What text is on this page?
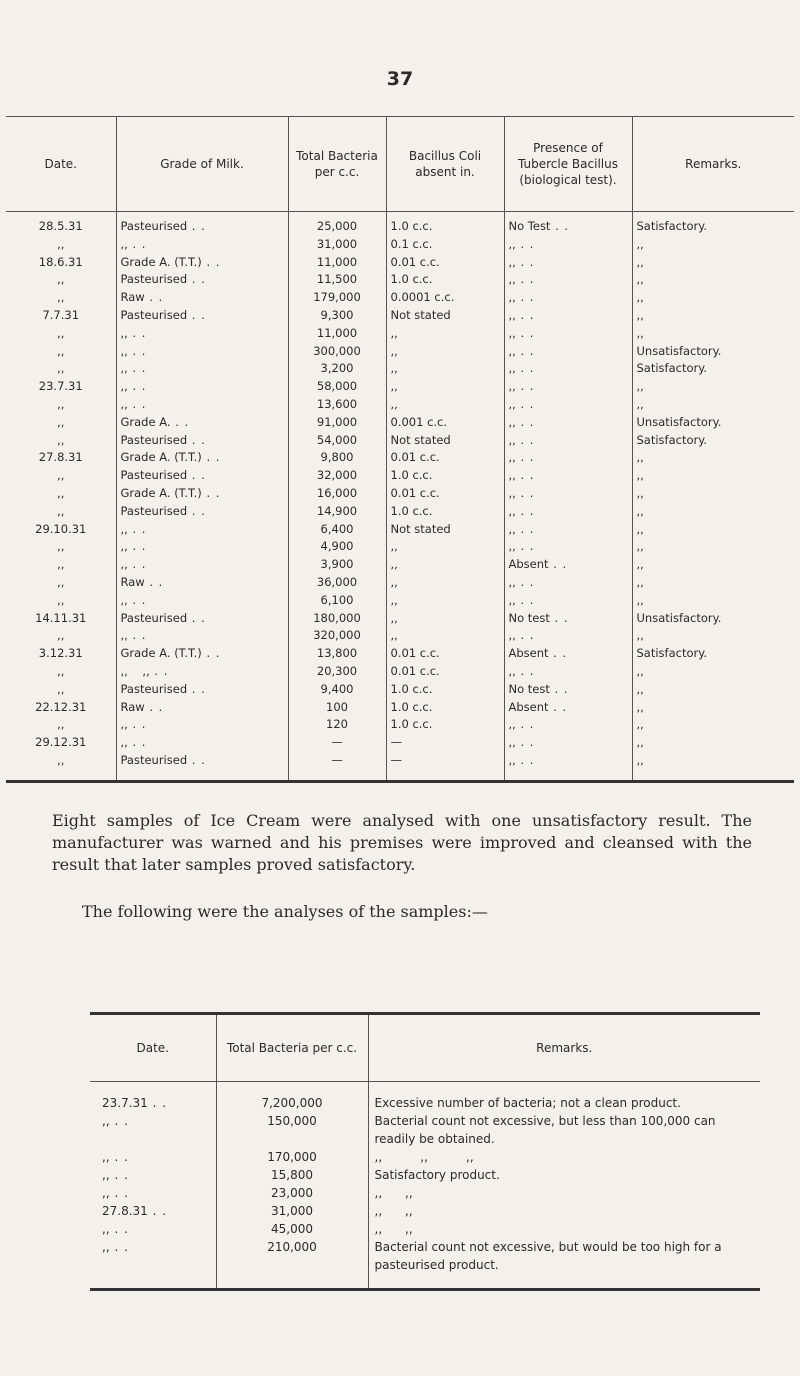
37
Date.	Grade of Milk.	Total Bacteria per c.c.	Bacillus Coli absent in.	Presence of Tubercle Bacillus (biological test).	Remarks.
28.5.31	Pasteurised . .	25,000	1.0 c.c.	No Test . .	Satisfactory.
,,	,, . .	31,000	0.1 c.c.	,, . .	,,
18.6.31	Grade A. (T.T.) . .	11,000	0.01 c.c.	,, . .	,,
,,	Pasteurised . .	11,500	1.0 c.c.	,, . .	,,
,,	Raw . .	179,000	0.0001 c.c.	,, . .	,,
7.7.31	Pasteurised . .	9,300	Not stated	,, . .	,,
,,	,, . .	11,000	,,	,, . .	,,
,,	,, . .	300,000	,,	,, . .	Unsatisfactory.
,,	,, . .	3,200	,,	,, . .	Satisfactory.
23.7.31	,, . .	58,000	,,	,, . .	,,
,,	,, . .	13,600	,,	,, . .	,,
,,	Grade A. . .	91,000	0.001 c.c.	,, . .	Unsatisfactory.
,,	Pasteurised . .	54,000	Not stated	,, . .	Satisfactory.
27.8.31	Grade A. (T.T.) . .	9,800	0.01 c.c.	,, . .	,,
,,	Pasteurised . .	32,000	1.0 c.c.	,, . .	,,
,,	Grade A. (T.T.) . .	16,000	0.01 c.c.	,, . .	,,
,,	Pasteurised . .	14,900	1.0 c.c.	,, . .	,,
29.10.31	,, . .	6,400	Not stated	,, . .	,,
,,	,, . .	4,900	,,	,, . .	,,
,,	,, . .	3,900	,,	Absent . .	,,
,,	Raw . .	36,000	,,	,, . .	,,
,,	,, . .	6,100	,,	,, . .	,,
14.11.31	Pasteurised . .	180,000	,,	No test . .	Unsatisfactory.
,,	,, . .	320,000	,,	,, . .	,,
3.12.31	Grade A. (T.T.) . .	13,800	0.01 c.c.	Absent . .	Satisfactory.
,,	,,    ,, . .	20,300	0.01 c.c.	,, . .	,,
,,	Pasteurised . .	9,400	1.0 c.c.	No test . .	,,
22.12.31	Raw . .	100	1.0 c.c.	Absent . .	,,
,,	,, . .	120	1.0 c.c.	,, . .	,,
29.12.31	,, . .	—	—	,, . .	,,
,,	Pasteurised . .	—	—	,, . .	,,

Eight samples of Ice Cream were analysed with one unsatisfactory result. The manufacturer was warned and his premises were improved and cleansed with the result that later samples proved satisfactory.

The following were the analyses of the samples:—

Date.	Total Bacteria per c.c.	Remarks.
23.7.31 . .	7,200,000	Excessive number of bacteria; not a clean product.
,, . .	150,000	Bacterial count not excessive, but less than 100,000 can readily be obtained.
,, . .	170,000	,,          ,,          ,,
,, . .	15,800	Satisfactory product.
,, . .	23,000	,,      ,,
27.8.31 . .	31,000	,,      ,,
,, . .	45,000	,,      ,,
,, . .	210,000	Bacterial count not excessive, but would be too high for a pasteurised product.
